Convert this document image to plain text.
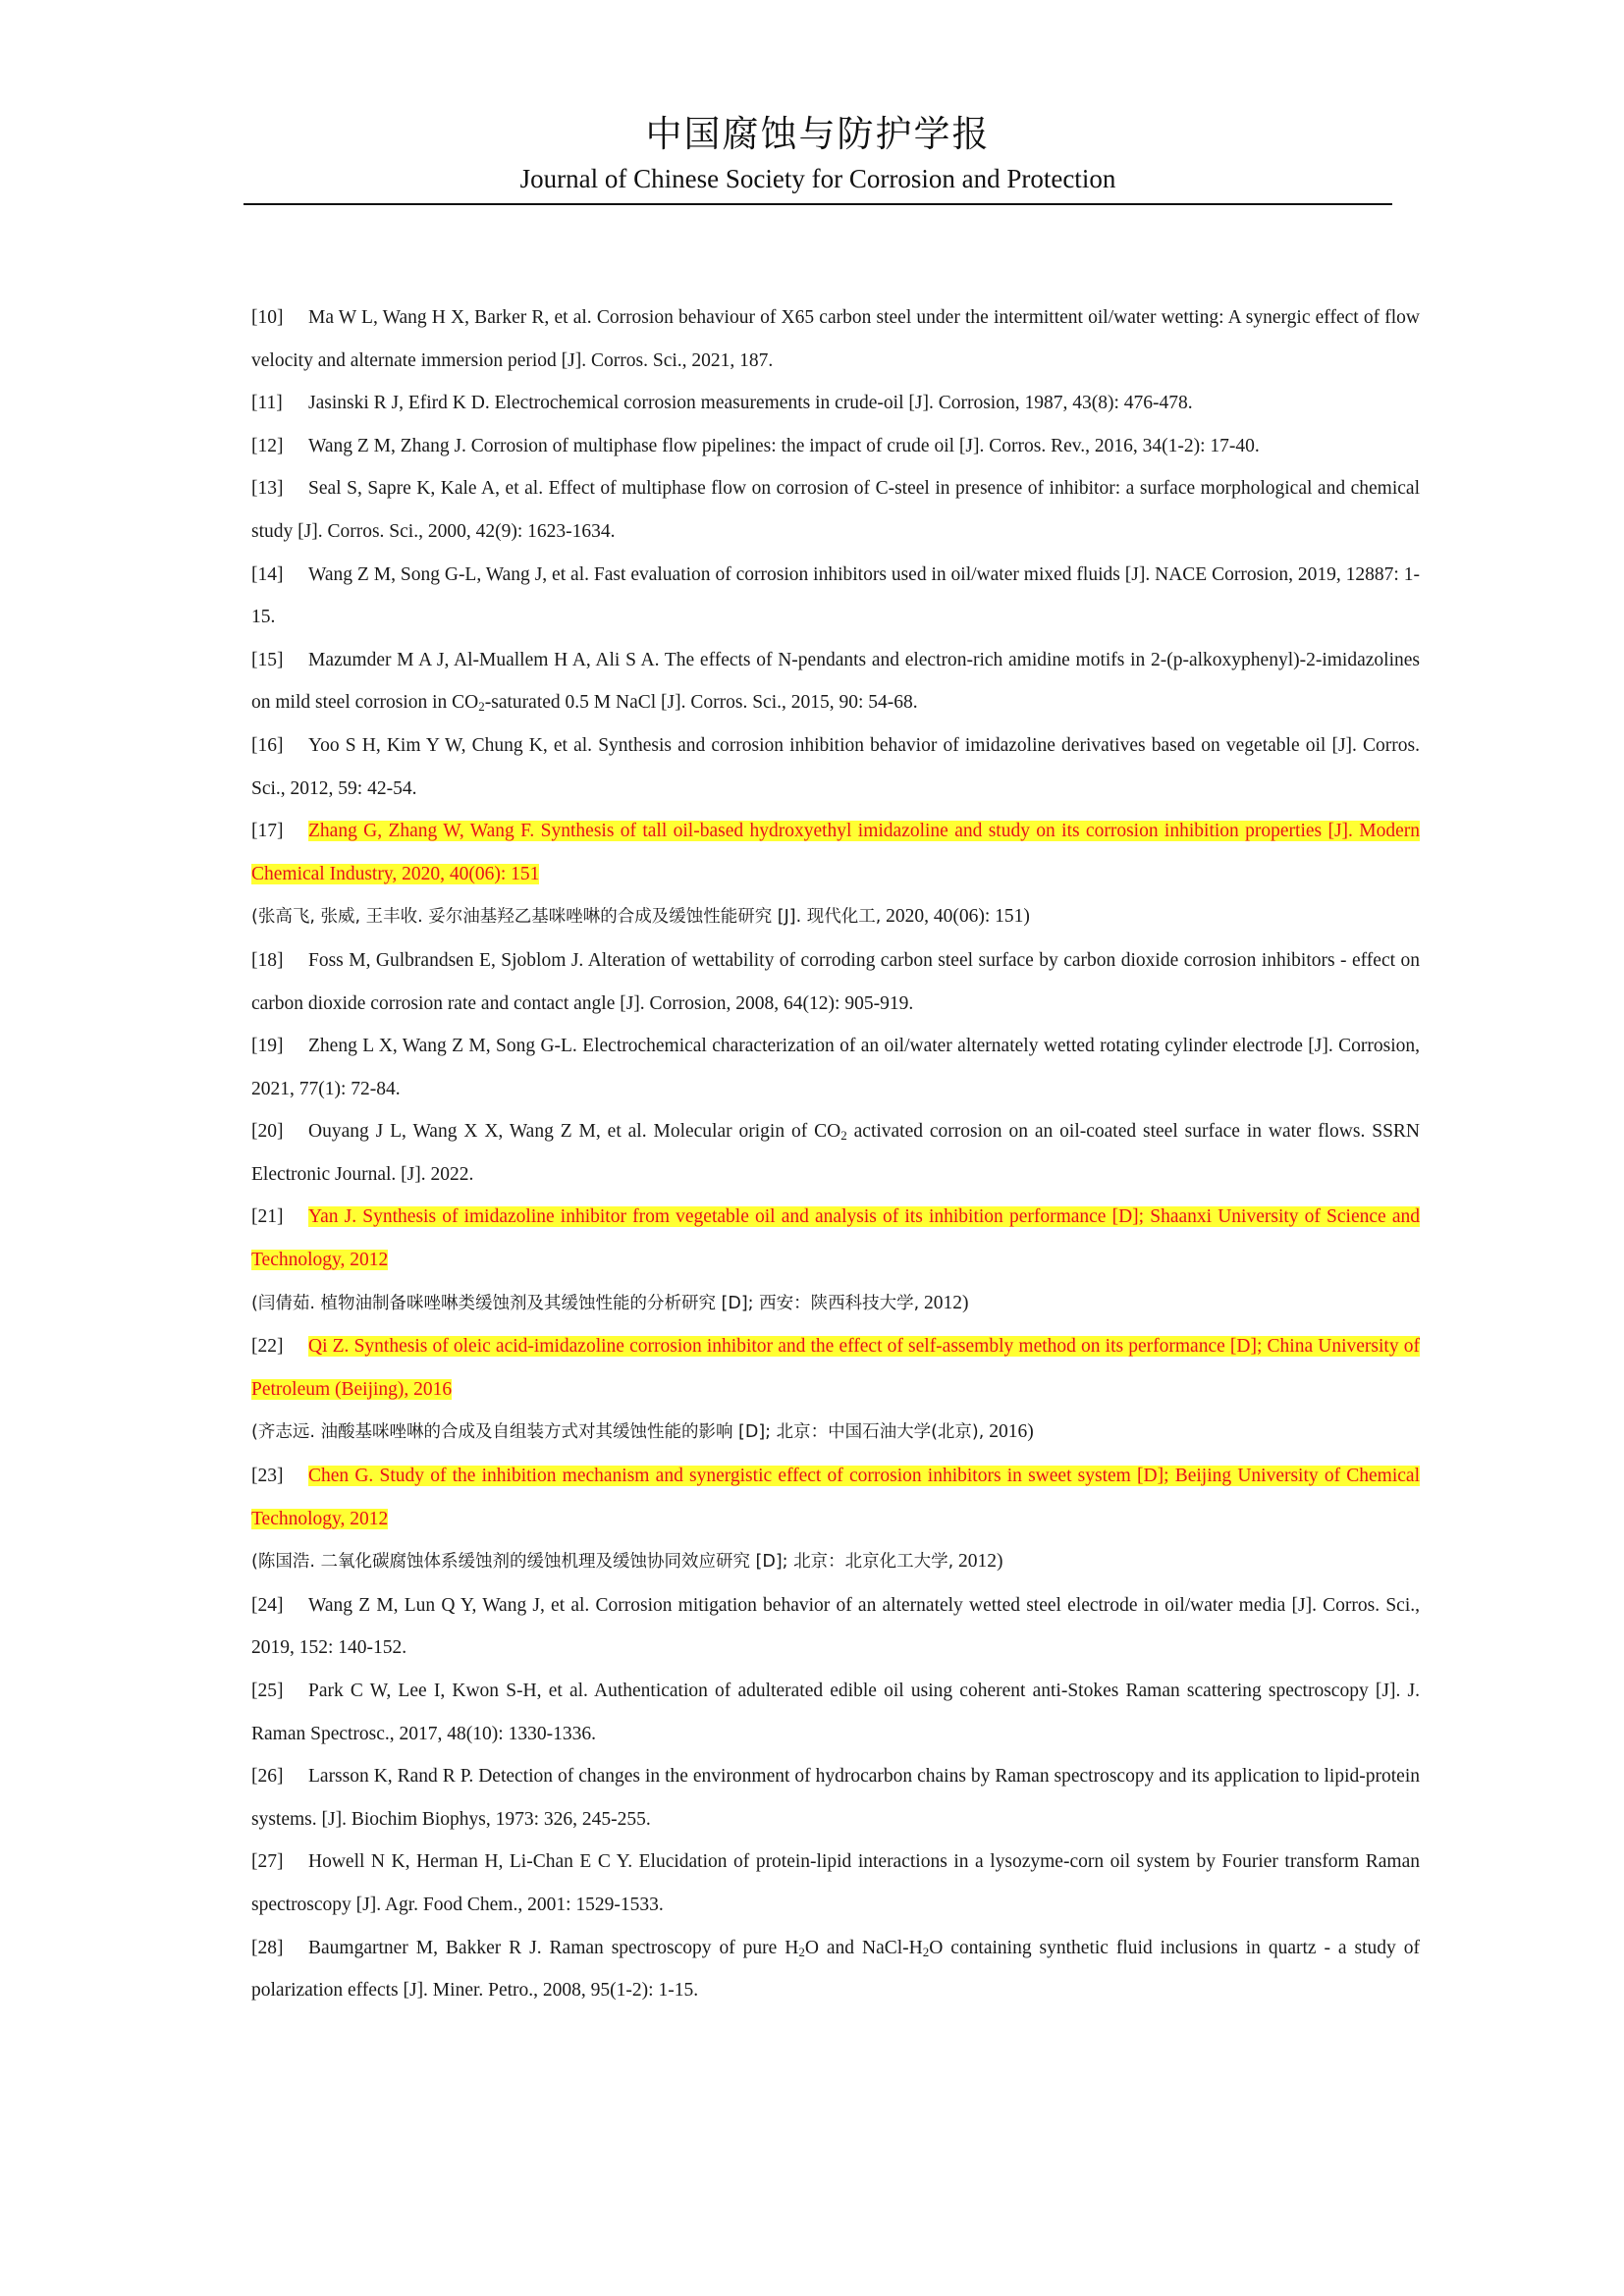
中国腐蚀与防护学报
Journal of Chinese Society for Corrosion and Protection
[10] Ma W L, Wang H X, Barker R, et al. Corrosion behaviour of X65 carbon steel under the intermittent oil/water wetting: A synergic effect of flow velocity and alternate immersion period [J]. Corros. Sci., 2021, 187.
[11] Jasinski R J, Efird K D. Electrochemical corrosion measurements in crude-oil [J]. Corrosion, 1987, 43(8): 476-478.
[12] Wang Z M, Zhang J. Corrosion of multiphase flow pipelines: the impact of crude oil [J]. Corros. Rev., 2016, 34(1-2): 17-40.
[13] Seal S, Sapre K, Kale A, et al. Effect of multiphase flow on corrosion of C-steel in presence of inhibitor: a surface morphological and chemical study [J]. Corros. Sci., 2000, 42(9): 1623-1634.
[14] Wang Z M, Song G-L, Wang J, et al. Fast evaluation of corrosion inhibitors used in oil/water mixed fluids [J]. NACE Corrosion, 2019, 12887: 1-15.
[15] Mazumder M A J, Al-Muallem H A, Ali S A. The effects of N-pendants and electron-rich amidine motifs in 2-(p-alkoxyphenyl)-2-imidazolines on mild steel corrosion in $CO_2$-saturated 0.5 M NaCl [J]. Corros. Sci., 2015, 90: 54-68.
[16] Yoo S H, Kim Y W, Chung K, et al. Synthesis and corrosion inhibition behavior of imidazoline derivatives based on vegetable oil [J]. Corros. Sci., 2012, 59: 42-54.
[17] Zhang G, Zhang W, Wang F. Synthesis of tall oil-based hydroxyethyl imidazoline and study on its corrosion inhibition properties [J]. Modern Chemical Industry, 2020, 40(06): 151
(张高飞, 张威, 王丰收. 妥尔油基羟乙基咪唑啉的合成及缓蚀性能研究 [J]. 现代化工, 2020, 40(06): 151)
[18] Foss M, Gulbrandsen E, Sjoblom J. Alteration of wettability of corroding carbon steel surface by carbon dioxide corrosion inhibitors - effect on carbon dioxide corrosion rate and contact angle [J]. Corrosion, 2008, 64(12): 905-919.
[19] Zheng L X, Wang Z M, Song G-L. Electrochemical characterization of an oil/water alternately wetted rotating cylinder electrode [J]. Corrosion, 2021, 77(1): 72-84.
[20] Ouyang J L, Wang X X, Wang Z M, et al. Molecular origin of $CO_2$ activated corrosion on an oil-coated steel surface in water flows. SSRN Electronic Journal. [J]. 2022.
[21] Yan J. Synthesis of imidazoline inhibitor from vegetable oil and analysis of its inhibition performance [D]; Shaanxi University of Science and Technology, 2012
(闫倩茹. 植物油制备咪唑啉类缓蚀剂及其缓蚀性能的分析研究 [D]; 西安：陕西科技大学, 2012)
[22] Qi Z. Synthesis of oleic acid-imidazoline corrosion inhibitor and the effect of self-assembly method on its performance [D]; China University of Petroleum (Beijing), 2016
(齐志远. 油酸基咪唑啉的合成及自组装方式对其缓蚀性能的影响 [D]; 北京：中国石油大学(北京), 2016)
[23] Chen G. Study of the inhibition mechanism and synergistic effect of corrosion inhibitors in sweet system [D]; Beijing University of Chemical Technology, 2012
(陈国浩. 二氧化碳腐蚀体系缓蚀剂的缓蚀机理及缓蚀协同效应研究 [D]; 北京：北京化工大学, 2012)
[24] Wang Z M, Lun Q Y, Wang J, et al. Corrosion mitigation behavior of an alternately wetted steel electrode in oil/water media [J]. Corros. Sci., 2019, 152: 140-152.
[25] Park C W, Lee I, Kwon S-H, et al. Authentication of adulterated edible oil using coherent anti-Stokes Raman scattering spectroscopy [J]. J. Raman Spectrosc., 2017, 48(10): 1330-1336.
[26] Larsson K, Rand R P. Detection of changes in the environment of hydrocarbon chains by Raman spectroscopy and its application to lipid-protein systems. [J]. Biochim Biophys, 1973: 326, 245-255.
[27] Howell N K, Herman H, Li-Chan E C Y. Elucidation of protein-lipid interactions in a lysozyme-corn oil system by Fourier transform Raman spectroscopy [J]. Agr. Food Chem., 2001: 1529-1533.
[28] Baumgartner M, Bakker R J. Raman spectroscopy of pure $H_2O$ and NaCl-$H_2O$ containing synthetic fluid inclusions in quartz - a study of polarization effects [J]. Miner. Petro., 2008, 95(1-2): 1-15.
